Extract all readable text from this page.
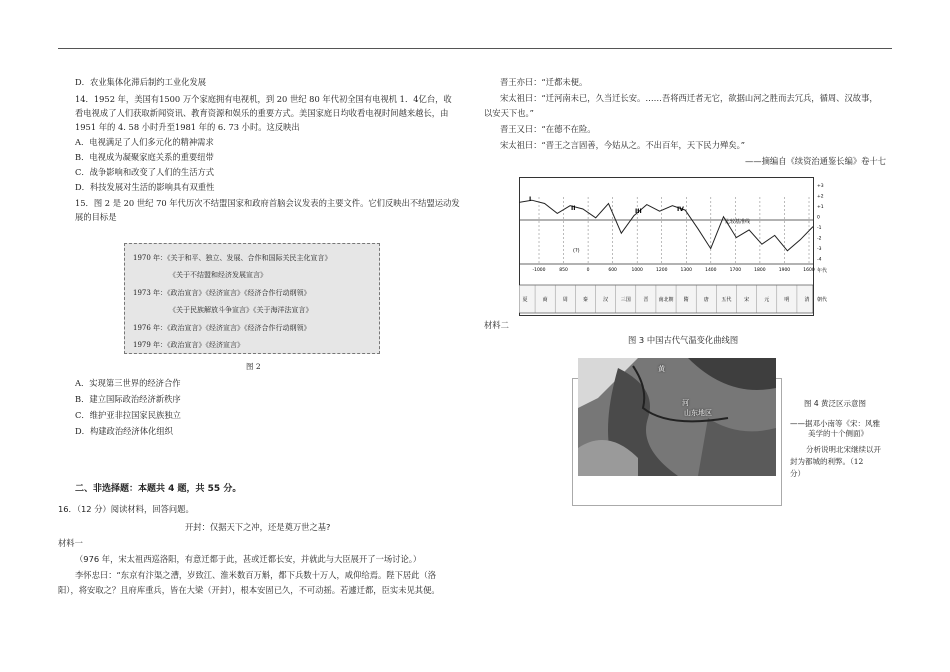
D．农业集体化滞后制约工业化发展
14．1952 年，美国有1500 万个家庭拥有电视机，到 20 世纪 80 年代初全国有电视机 1．4亿台，收
看电视成了人们获取新闻资讯、教育资源和娱乐的重要方式。美国家庭日均收看电视时间越来越长，由
1951 年的 4. 58 小时升至1981 年的 6. 73 小时。这反映出
A．电视满足了人们多元化的精神需求
B．电视成为凝聚家庭关系的重要纽带
C．战争影响和改变了人们的生活方式
D．科技发展对生活的影响具有双重性
15．图 2 是 20 世纪 70 年代历次不结盟国家和政府首脑会议发表的主要文件。它们反映出不结盟运动发
展的目标是
1970 年：《关于和平、独立、发展、合作和国际关民主化宣言》
《关于不结盟和经济发展宣言》
1973 年：《政治宣言》《经济宣言》《经济合作行动纲领》
《关于民族解放斗争宣言》《关于海洋法宣言》
1976 年：《政治宣言》《经济宣言》《经济合作行动纲领》
1979 年：《政治宣言》《经济宣言》
图 2
A．实现第三世界的经济合作
B．建立国际政治经济新秩序
C．维护亚非拉国家民族独立
D．构建政治经济体化组织
二、非选择题：本题共 4 题，共 55 分。
16．（12 分）阅读材料，回答问题。
开封：仅据天下之冲，还是奠万世之基?
材料一
（976 年，宋太祖西巡洛阳，有意迁都于此，甚或迁都长安，并就此与大臣展开了一场讨论。）
李怀忠曰：“东京有汴渠之漕，岁致江、淮米数百万斛，都下兵数十万人，咸仰给焉。陛下居此（洛
阳），将安取之？且府库重兵，皆在大梁（开封），根本安固已久，不可动摇。若遽迁都，臣实未见其便。
晋王亦曰：“迁都未便。
宋太祖曰：“迁河南未已，久当迁长安。……吾将西迁者无它，欲据山河之胜而去冗兵，循周、汉故事，
以安天下也。”
晋王又曰：“在德不在险。
宋太祖曰：“晋王之言固善，今姑从之。不出百年，天下民力殚矣。”
——摘编自《续资治通鉴长编》卷十七
+3
+2
+1
0
-1
-2
-3
-4
-1000	850	0	600	1000	1200	1300	1400	1700	1800	1900	1600
夏	商	周	秦	汉	三国	晋 南北朝 隋	唐	五代	宋	元	明	清
比较基准线
I
II	III	IV
(?)
年代
朝代
材料二
图 3 中国古代气温变化曲线图
黄
河
山东地区
图 4 黄泛区示意图
——据邓小南等《宋：风雅
美学的十个侧面》
分析说明北宋继续以开
封为都城的利弊。（12
分）
